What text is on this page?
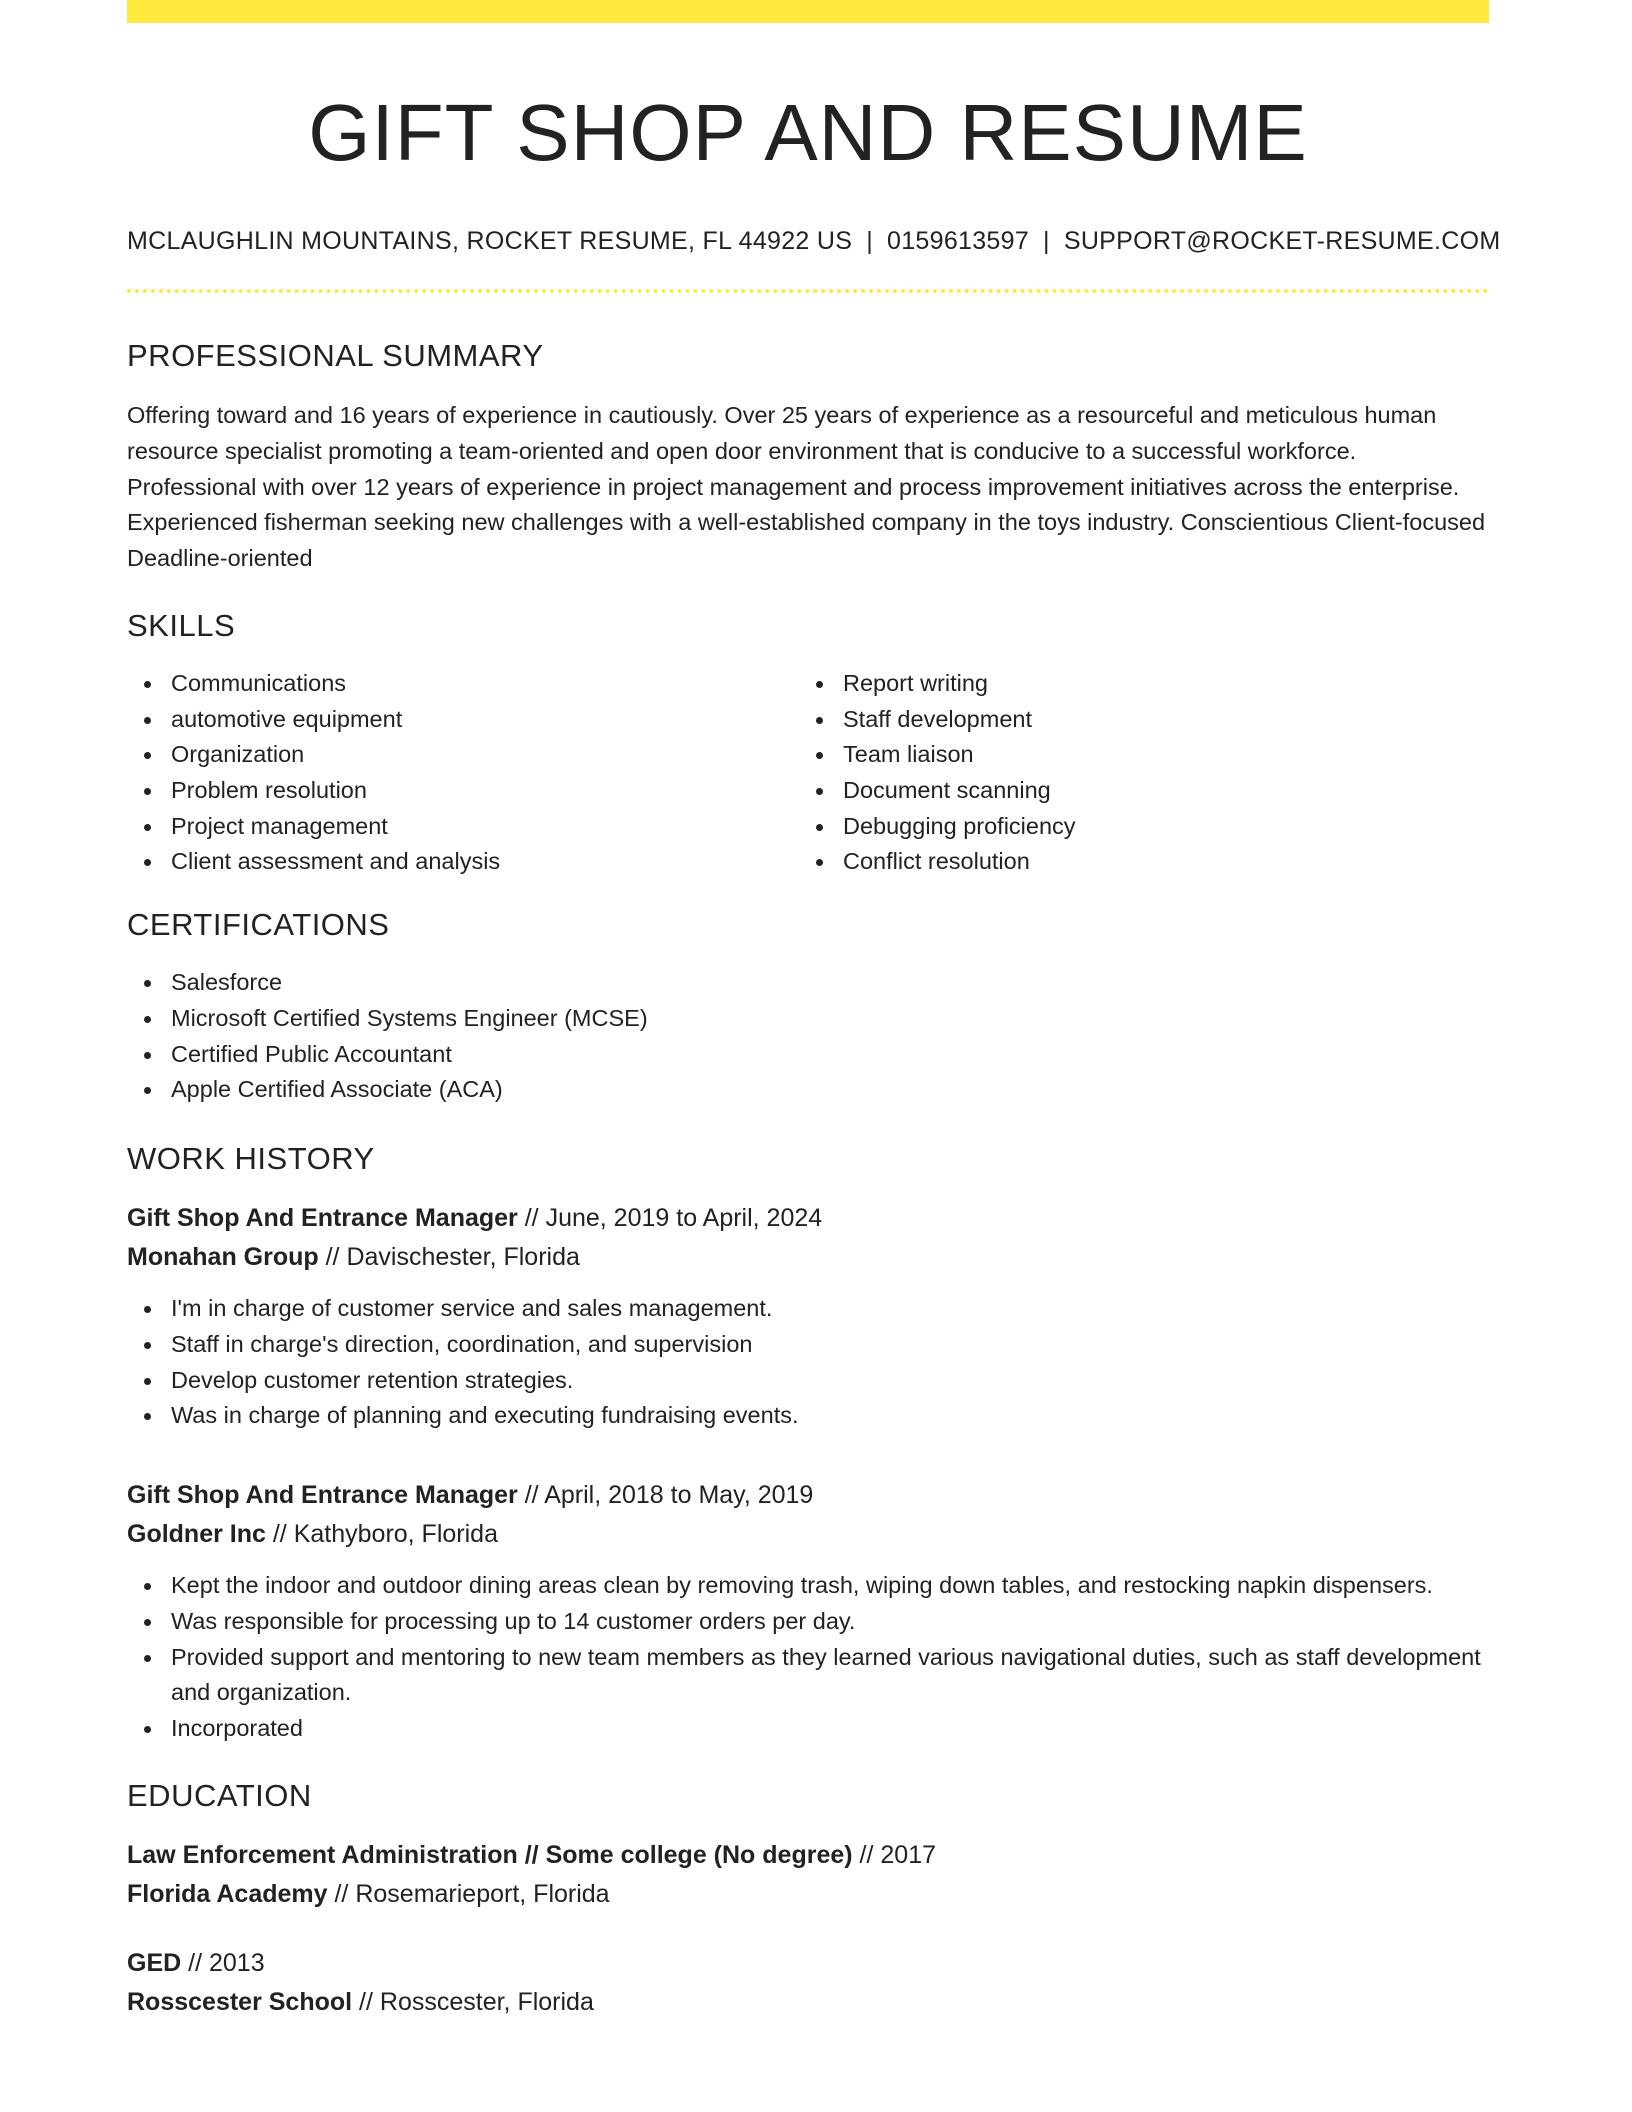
GIFT SHOP AND RESUME
MCLAUGHLIN MOUNTAINS, ROCKET RESUME, FL 44922 US | 0159613597 | SUPPORT@ROCKET-RESUME.COM
PROFESSIONAL SUMMARY

Offering toward and 16 years of experience in cautiously. Over 25 years of experience as a resourceful and meticulous human resource specialist promoting a team-oriented and open door environment that is conducive to a successful workforce. Professional with over 12 years of experience in project management and process improvement initiatives across the enterprise. Experienced fisherman seeking new challenges with a well-established company in the toys industry. Conscientious Client-focused Deadline-oriented

SKILLS
Communications
automotive equipment
Organization
Problem resolution
Project management
Client assessment and analysis
Report writing
Staff development
Team liaison
Document scanning
Debugging proficiency
Conflict resolution
CERTIFICATIONS
Salesforce
Microsoft Certified Systems Engineer (MCSE)
Certified Public Accountant
Apple Certified Associate (ACA)
WORK HISTORY
Gift Shop And Entrance Manager // June, 2019 to April, 2024
Monahan Group // Davischester, Florida
I'm in charge of customer service and sales management.
Staff in charge's direction, coordination, and supervision
Develop customer retention strategies.
Was in charge of planning and executing fundraising events.
Gift Shop And Entrance Manager // April, 2018 to May, 2019
Goldner Inc // Kathyboro, Florida
Kept the indoor and outdoor dining areas clean by removing trash, wiping down tables, and restocking napkin dispensers.
Was responsible for processing up to 14 customer orders per day.
Provided support and mentoring to new team members as they learned various navigational duties, such as staff development and organization.
Incorporated
EDUCATION
Law Enforcement Administration // Some college (No degree) // 2017
Florida Academy // Rosemarieport, Florida
GED // 2013
Rosscester School // Rosscester, Florida
